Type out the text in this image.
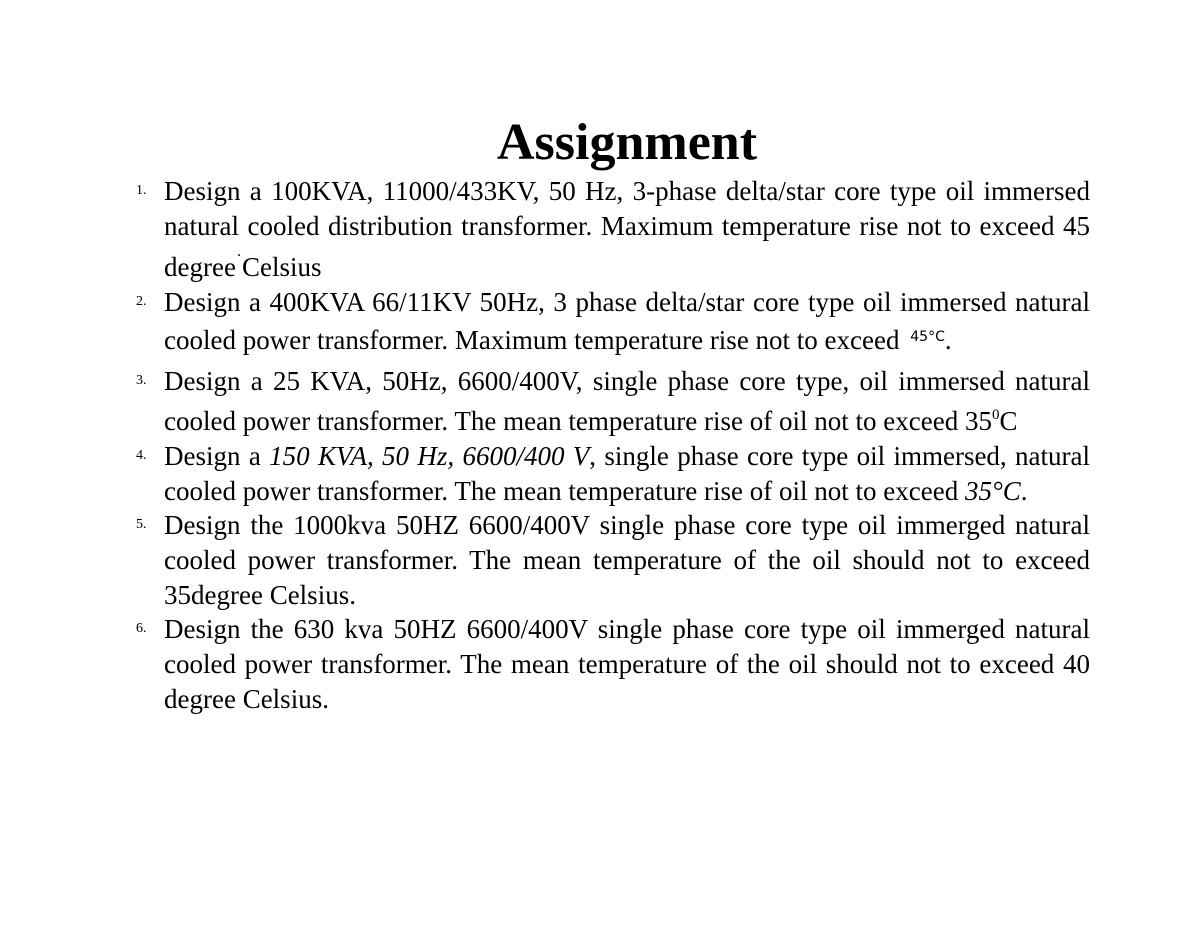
Assignment
1. Design a 100KVA, 11000/433KV, 50 Hz, 3-phase delta/star core type oil immersed natural cooled distribution transformer. Maximum temperature rise not to exceed 45 degree˙Celsius
2. Design a 400KVA 66/11KV 50Hz, 3 phase delta/star core type oil immersed natural cooled power transformer. Maximum temperature rise not to exceed $^{45^\circ C}$.
3. Design a 25 KVA, 50Hz, 6600/400V, single phase core type, oil immersed natural cooled power transformer. The mean temperature rise of oil not to exceed $35^0C$
4. Design a 150 KVA, 50 Hz, 6600/400 V, single phase core type oil immersed, natural cooled power transformer. The mean temperature rise of oil not to exceed 35°C.
5. Design the 1000kva 50HZ 6600/400V single phase core type oil immerged natural cooled power transformer. The mean temperature of the oil should not to exceed 35degree Celsius.
6. Design the 630 kva 50HZ 6600/400V single phase core type oil immerged natural cooled power transformer. The mean temperature of the oil should not to exceed 40 degree Celsius.
